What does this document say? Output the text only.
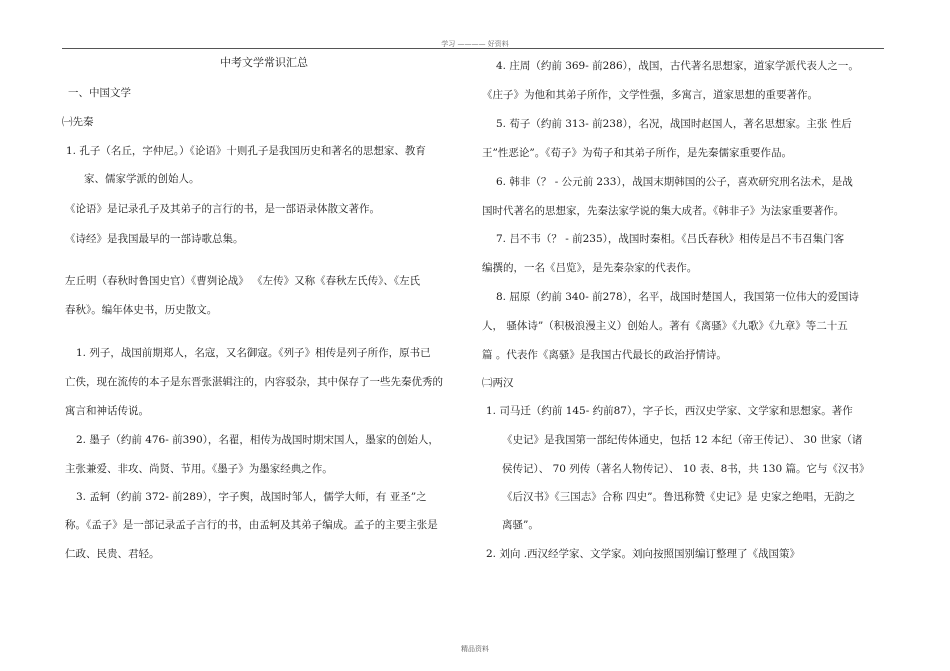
学习 ———— 好资料
中考文学常识汇总
一、中国文学
㈠先秦
1. 孔子（名丘，字仲尼。）《论语》十则孔子是我国历史和著名的思想家、教育
家、儒家学派的创始人。
《论语》是记录孔子及其弟子的言行的书，是一部语录体散文著作。
《诗经》是我国最早的一部诗歌总集。
左丘明（春秋时鲁国史官）《曹刿论战》 《左传》又称《春秋左氏传》、《左氏
春秋》。编年体史书，历史散文。
1. 列子，战国前期郑人，名寇，又名御寇。《列子》相传是列子所作，原书已
亡佚，现在流传的本子是东晋张湛辑注的，内容驳杂，其中保存了一些先秦优秀的
寓言和神话传说。
2. 墨子（约前 476- 前390），名翟，相传为战国时期宋国人，墨家的创始人，
主张兼爱、非攻、尚贤、节用。《墨子》为墨家经典之作。
3. 孟轲（约前 372- 前289），字子舆，战国时邹人，儒学大师，有 亚圣”之
称。《孟子》是一部记录孟子言行的书，由孟轲及其弟子编成。孟子的主要主张是
仁政、民贵、君轻。
4. 庄周（约前 369- 前286），战国，古代著名思想家，道家学派代表人之一。
《庄子》为他和其弟子所作，文学性强，多寓言，道家思想的重要著作。
5. 荀子（约前 313- 前238），名况，战国时赵国人，著名思想家。主张 性后
王”性恶论”。《荀子》为荀子和其弟子所作，是先秦儒家重要作品。
6. 韩非（？ - 公元前 233），战国末期韩国的公子，喜欢研究刑名法术，是战
国时代著名的思想家，先秦法家学说的集大成者。《韩非子》为法家重要著作。
7. 吕不韦（？ - 前235），战国时秦相。《吕氏春秋》相传是吕不韦召集门客
编撰的，一名《吕览》，是先秦杂家的代表作。
8. 屈原（约前 340- 前278），名平，战国时楚国人，我国第一位伟大的爱国诗
人， 骚体诗”（积极浪漫主义）创始人。著有《离骚》《九歌》《九章》等二十五
篇 。代表作《离骚》是我国古代最长的政治抒情诗。
㈡两汉
1. 司马迁（约前 145- 约前87），字子长，西汉史学家、文学家和思想家。著作
《史记》是我国第一部纪传体通史，包括 12 本纪（帝王传记）、 30 世家（诸
侯传记）、 70 列传（著名人物传记）、 10 表、8书，共 130 篇。它与《汉书》
《后汉书》《三国志》合称 四史”。鲁迅称赞《史记》是 史家之绝唱，无韵之
离骚”。
2. 刘向 .西汉经学家、文学家。刘向按照国别编订整理了《战国策》
精品资料
